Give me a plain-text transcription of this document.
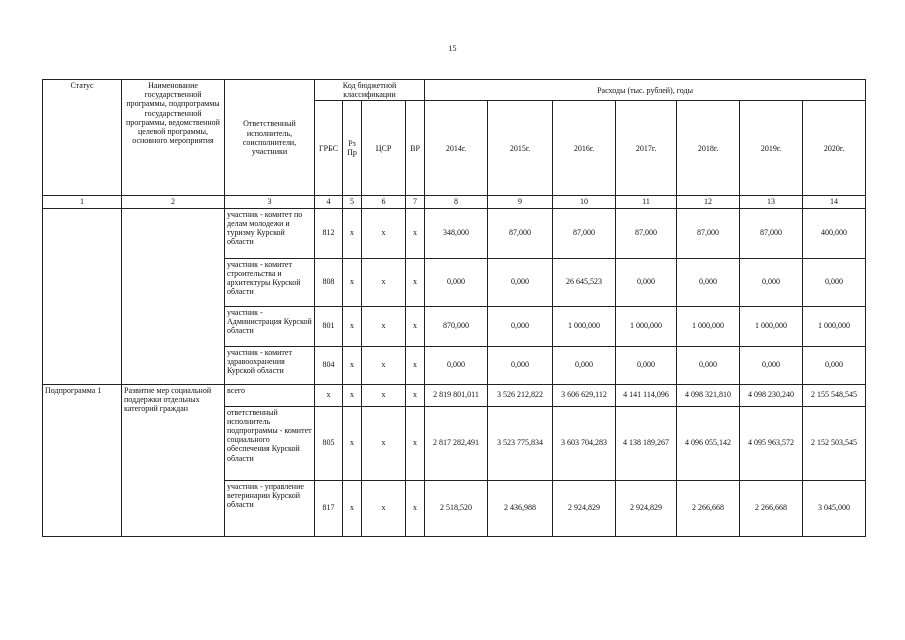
15
Статус	Наименование государственной программы, подпрограммы государственной программы, ведомственной целевой программы, основного мероприятия	Ответственный исполнитель, соисполнители, участники	Код бюджетной классификации				Расходы (тыс. рублей), годы						
			ГРБС	Рз Пр	ЦСР	ВР	2014г.	2015г.	2016г.	2017г.	2018г.	2019г.	2020г.
1	2	3	4	5	6	7	8	9	10	11	12	13	14
		участник - комитет по делам молодежи и туризму Курской области	812	x	x	x	348,000	87,000	87,000	87,000	87,000	87,000	400,000
		участник - комитет строительства и архитектуры Курской области	808	x	x	x	0,000	0,000	26 645,523	0,000	0,000	0,000	0,000
		участник - Администрация Курской области	801	x	x	x	870,000	0,000	1 000,000	1 000,000	1 000,000	1 000,000	1 000,000
		участник - комитет здравоохранения Курской области	804	x	x	x	0,000	0,000	0,000	0,000	0,000	0,000	0,000
Подпрограмма 1	Развитие мер социальной поддержки отдельных категорий граждан	всего	x	x	x	x	2 819 801,011	3 526 212,822	3 606 629,112	4 141 114,096	4 098 321,810	4 098 230,240	2 155 548,545
		ответственный исполнитель подпрограммы - комитет социального обеспечения Курской области	805	x	x	x	2 817 282,491	3 523 775,834	3 603 704,283	4 138 189,267	4 096 055,142	4 095 963,572	2 152 503,545
		участник - управление ветеринарии Курской области	817	x	x	x	2 518,520	2 436,988	2 924,829	2 924,829	2 266,668	2 266,668	3 045,000
